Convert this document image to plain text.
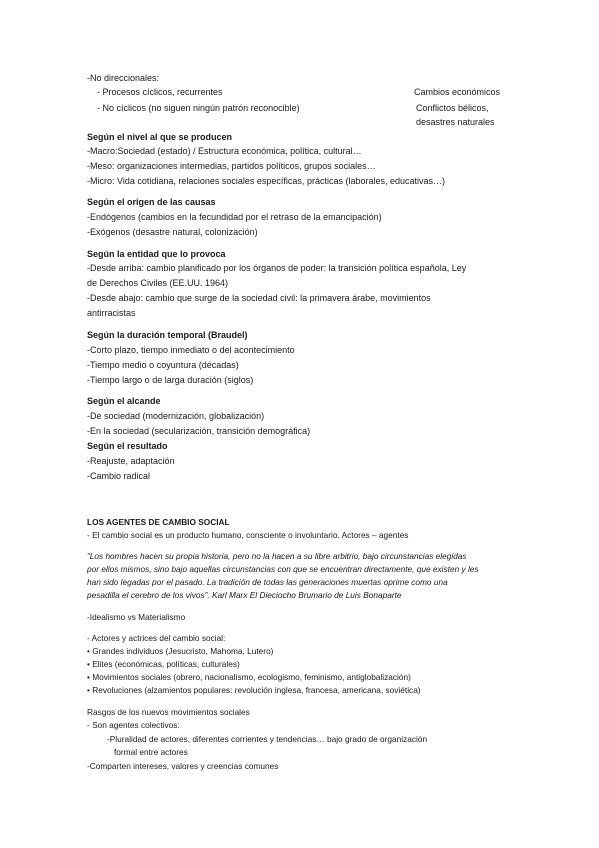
-No direccionales:
- Procesos cíclicos, recurrentes
- No cíclicos (no siguen ningún patrón reconocible)
Cambios económicos
Conflictos bélicos,
desastres naturales
Según el nivel al que se producen
-Macro:Sociedad (estado) / Estructura económica, política, cultural…
-Meso: organizaciones intermedias, partidos políticos, grupos sociales…
-Micro: Vida cotidiana, relaciones sociales específicas, prácticas (laborales, educativas…)
Según el origen de las causas
-Endógenos (cambios en la fecundidad por el retraso de la emancipación)
-Exógenos (desastre natural, colonización)
Según la entidad que lo provoca
-Desde arriba: cambio planificado por los órganos de poder: la transición política española, Ley
de Derechos Civiles (EE.UU. 1964)
-Desde abajo: cambio que surge de la sociedad civil: la primavera árabe, movimientos
antirracistas
Según la duración temporal (Braudel)
-Corto plazo, tiempo inmediato o del acontecimiento
-Tiempo medio o coyuntura (décadas)
-Tiempo largo o de larga duración (siglos)
Según el alcande
-De sociedad (modernización, globalización)
-En la sociedad (secularización, transición demográfica)
Según el resultado
-Reajuste, adaptación
-Cambio radical
LOS AGENTES DE CAMBIO SOCIAL
- El cambio social es un producto humano, consciente o involuntario. Actores – agentes
“Los hombres hacen su propia historia, pero no la hacen a su libre arbitrio, bajo circunstancias elegidas
por ellos mismos, sino bajo aquellas circunstancias con que se encuentran directamente, que existen y les
han sido legadas por el pasado. La tradición de todas las generaciones muertas oprime como una
pesadilla el cerebro de los vivos”. Karl Marx El Dieciocho Brumario de Luis Bonaparte
-Idealismo vs Materialismo
- Actores y actrices del cambio social:
• Grandes individuos (Jesucristo, Mahoma, Lutero)
• Elites (económicas, políticas, culturales)
• Movimientos sociales (obrero, nacionalismo, ecologismo, feminismo, antiglobalización)
• Revoluciones (alzamientos populares: revolución inglesa, francesa, americana, soviética)
Rasgos de los nuevos movimientos sociales
- Son agentes colectivos:
-Pluralidad de actores, diferentes corrientes y tendencias… bajo grado de organización
formal entre actores
-Comparten intereses, valores y creencias comunes
